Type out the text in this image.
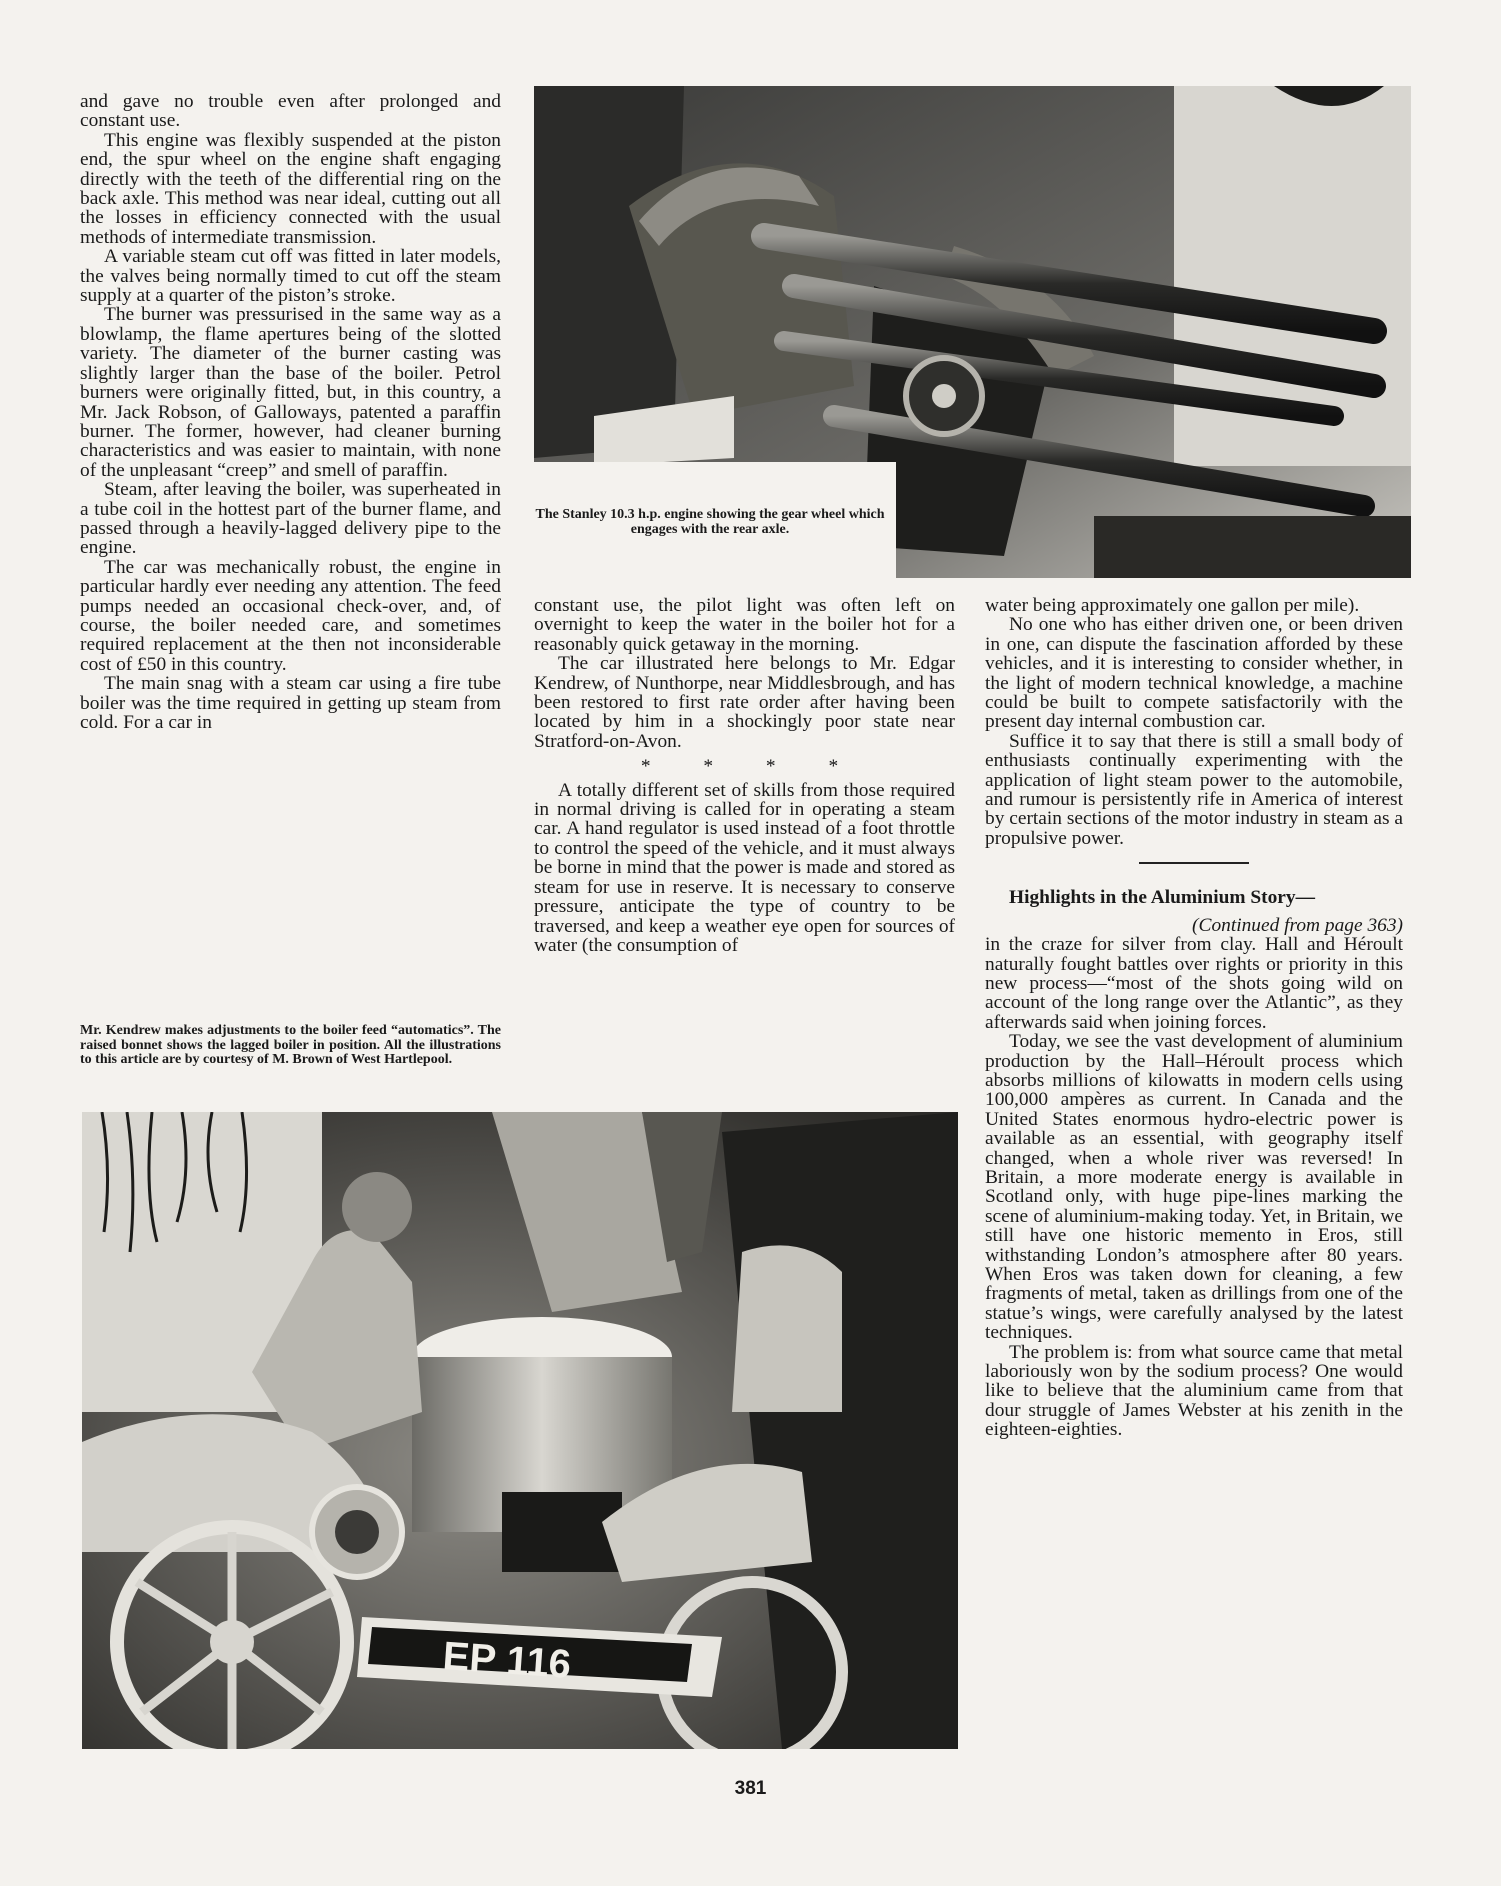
and gave no trouble even after prolonged and constant use.

This engine was flexibly suspended at the piston end, the spur wheel on the engine shaft engaging directly with the teeth of the differential ring on the back axle. This method was near ideal, cutting out all the losses in efficiency connected with the usual methods of intermediate transmission.

A variable steam cut off was fitted in later models, the valves being normally timed to cut off the steam supply at a quarter of the piston’s stroke.

The burner was pressurised in the same way as a blowlamp, the flame apertures being of the slotted variety. The diameter of the burner casting was slightly larger than the base of the boiler. Petrol burners were originally fitted, but, in this country, a Mr. Jack Robson, of Galloways, patented a paraffin burner. The former, however, had cleaner burning characteristics and was easier to maintain, with none of the unpleasant “creep” and smell of paraffin.

Steam, after leaving the boiler, was superheated in a tube coil in the hottest part of the burner flame, and passed through a heavily-lagged delivery pipe to the engine.

The car was mechanically robust, the engine in particular hardly ever needing any attention. The feed pumps needed an occasional check-over, and, of course, the boiler needed care, and sometimes required replacement at the then not inconsiderable cost of £50 in this country.

The main snag with a steam car using a fire tube boiler was the time required in getting up steam from cold. For a car in

Mr. Kendrew makes adjustments to the boiler feed “automatics”. The raised bonnet shows the lagged boiler in position. All the illustrations to this article are by courtesy of M. Brown of West Hartlepool.
The Stanley 10.3 h.p. engine showing the gear wheel which engages with the rear axle.

constant use, the pilot light was often left on overnight to keep the water in the boiler hot for a reasonably quick getaway in the morning.

The car illustrated here belongs to Mr. Edgar Kendrew, of Nunthorpe, near Middlesbrough, and has been restored to first rate order after having been located by him in a shockingly poor state near Stratford-on-Avon.

* * * *

A totally different set of skills from those required in normal driving is called for in operating a steam car. A hand regulator is used instead of a foot throttle to control the speed of the vehicle, and it must always be borne in mind that the power is made and stored as steam for use in reserve. It is necessary to conserve pressure, anticipate the type of country to be traversed, and keep a weather eye open for sources of water (the consumption of

water being approximately one gallon per mile).

No one who has either driven one, or been driven in one, can dispute the fascination afforded by these vehicles, and it is interesting to consider whether, in the light of modern technical knowledge, a machine could be built to compete satisfactorily with the present day internal combustion car.

Suffice it to say that there is still a small body of enthusiasts continually experimenting with the application of light steam power to the automobile, and rumour is persistently rife in America of interest by certain sections of the motor industry in steam as a propulsive power.

Highlights in the Aluminium Story—

(Continued from page 363)

in the craze for silver from clay. Hall and Héroult naturally fought battles over rights or priority in this new process—“most of the shots going wild on account of the long range over the Atlantic”, as they afterwards said when joining forces.

Today, we see the vast development of aluminium production by the Hall–Héroult process which absorbs millions of kilowatts in modern cells using 100,000 ampères as current. In Canada and the United States enormous hydro-electric power is available as an essential, with geography itself changed, when a whole river was reversed! In Britain, a more moderate energy is available in Scotland only, with huge pipe-lines marking the scene of aluminium-making today. Yet, in Britain, we still have one historic memento in Eros, still withstanding London’s atmosphere after 80 years. When Eros was taken down for cleaning, a few fragments of metal, taken as drillings from one of the statue’s wings, were carefully analysed by the latest techniques.

The problem is: from what source came that metal laboriously won by the sodium process? One would like to believe that the aluminium came from that dour struggle of James Webster at his zenith in the eighteen-eighties.

EP 116
381
